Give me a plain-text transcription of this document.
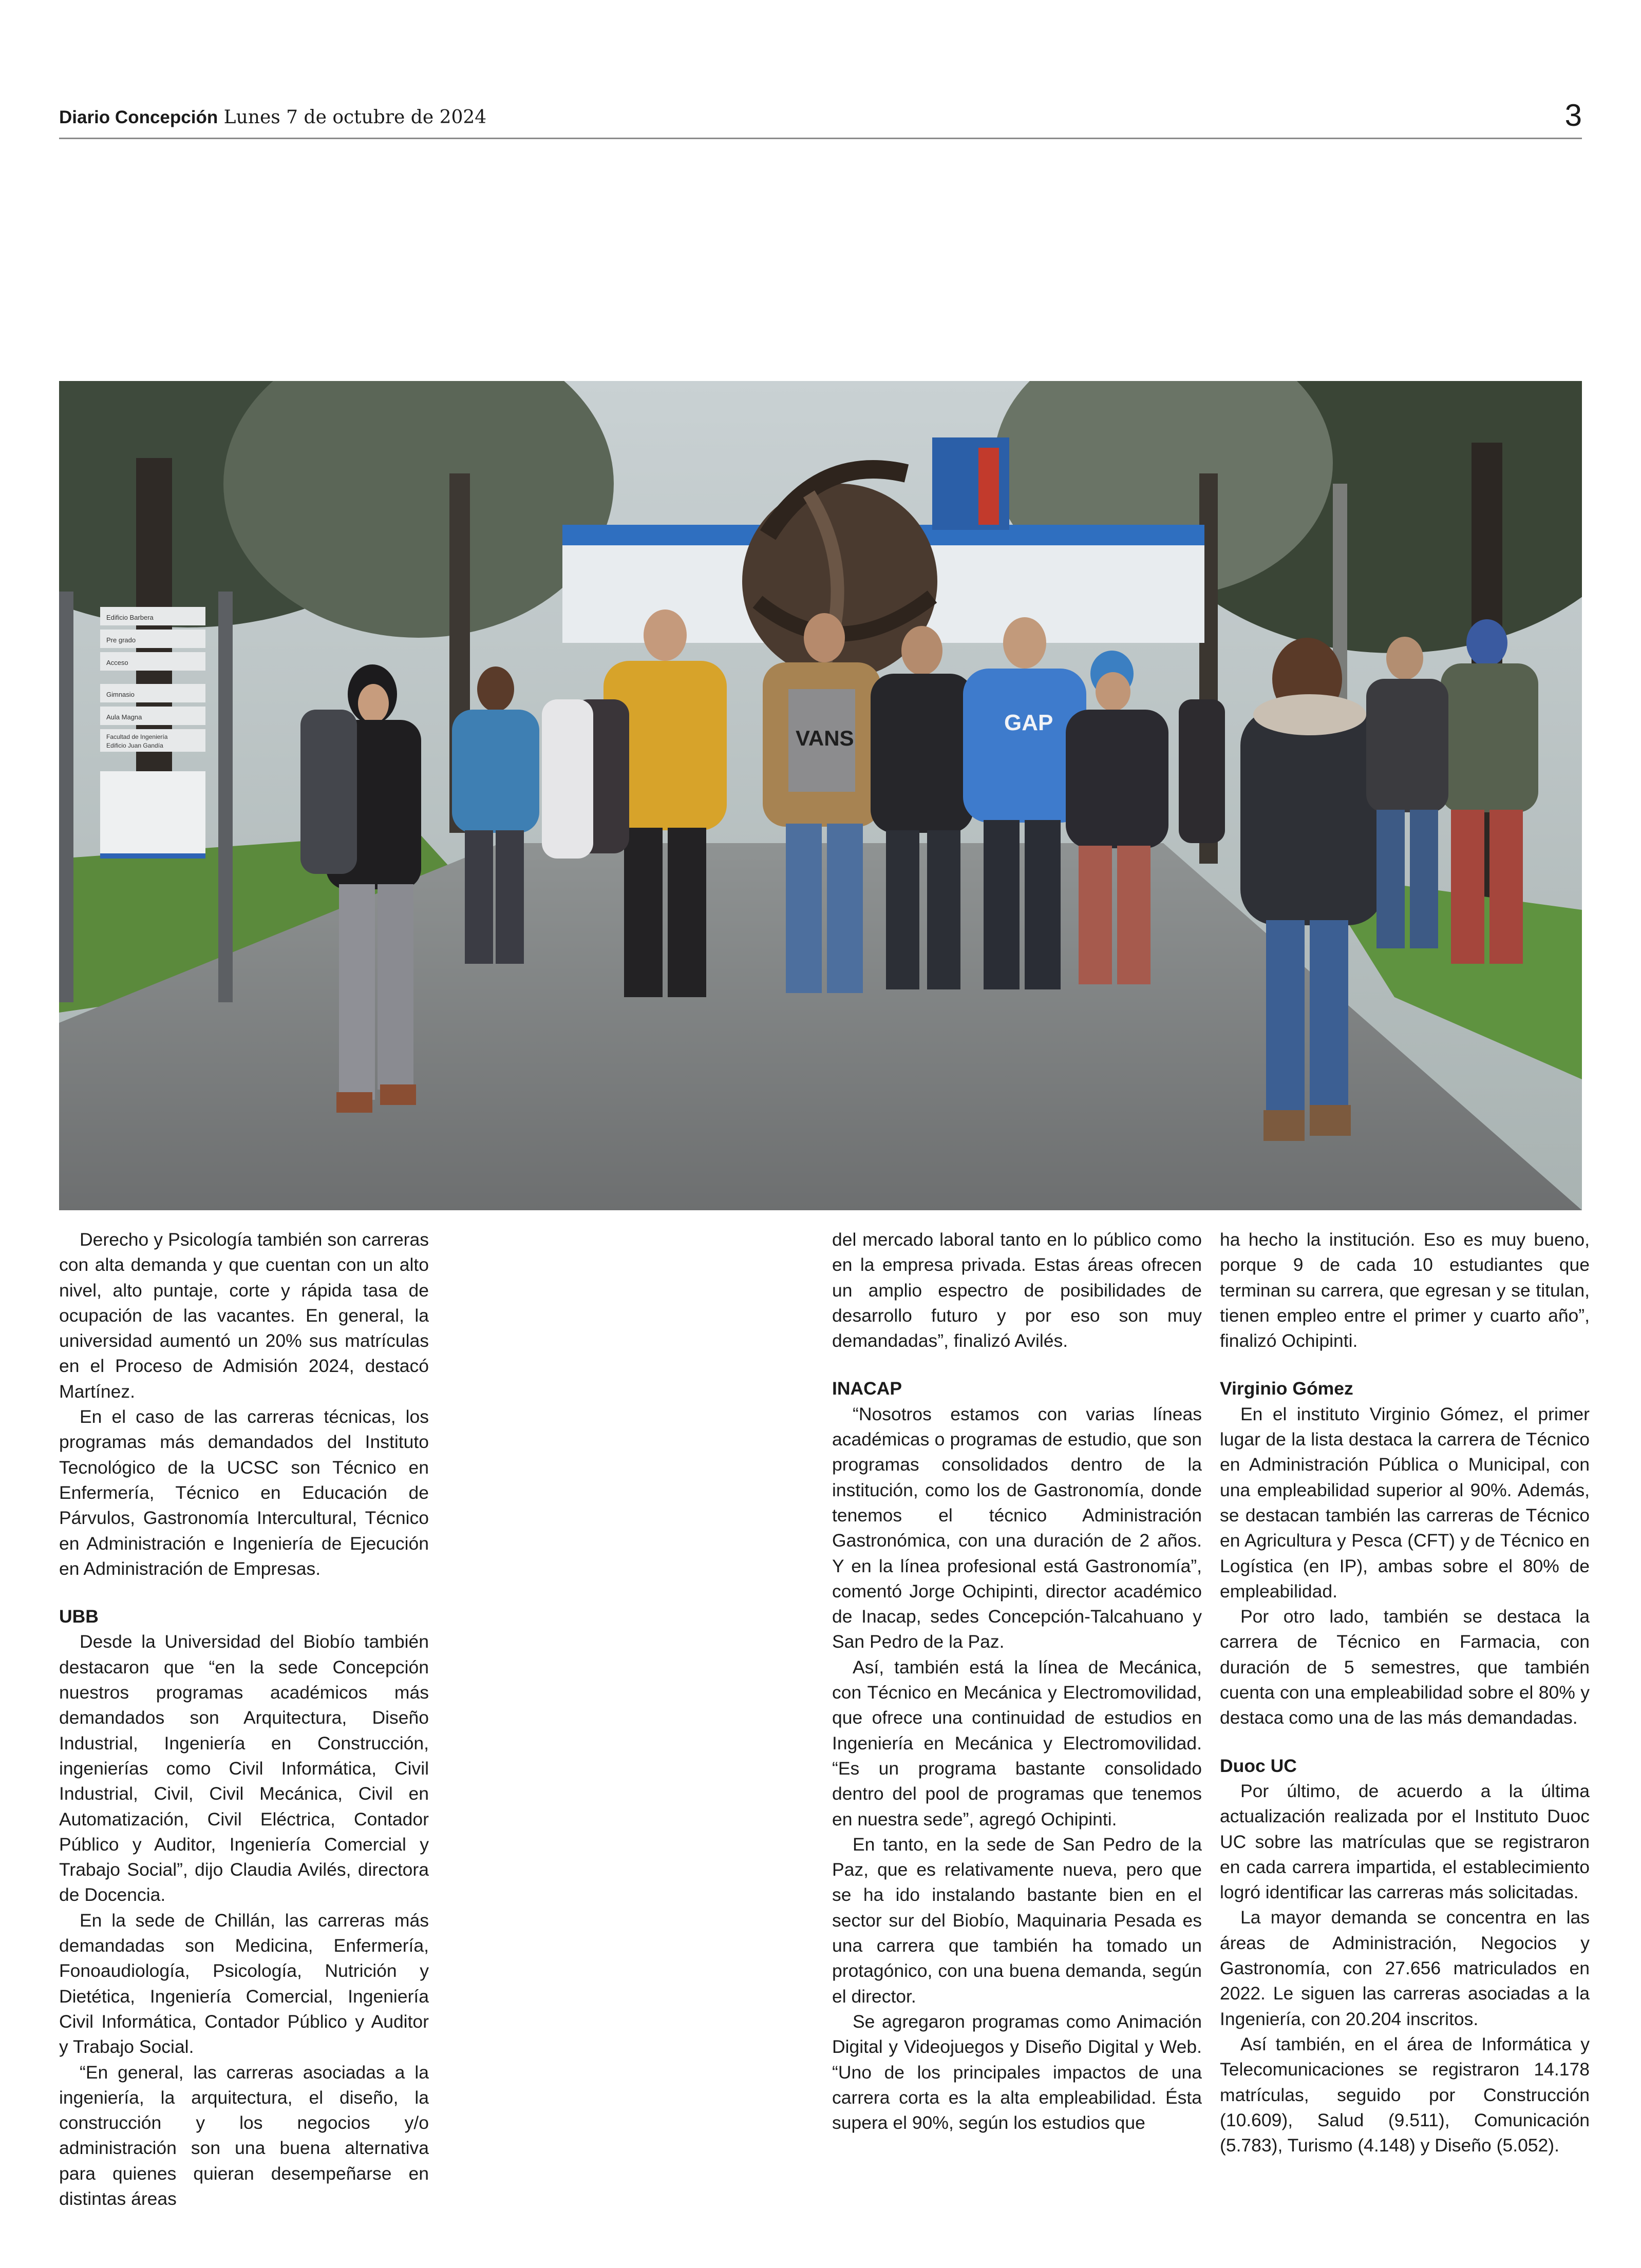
Diario Concepción Lunes 7 de octubre de 2024	3
Edificio Barbera
Pre grado
Acceso
Gimnasio
Aula Magna
Facultad de Ingeniería
Edificio Juan Gandía	VANS
GAP

Derecho y Psicología también son carreras con alta demanda y que cuentan con un alto nivel, alto puntaje, corte y rápida tasa de ocupación de las vacantes. En general, la universidad aumentó un 20% sus matrículas en el Proceso de Admisión 2024, destacó Martínez.

En el caso de las carreras técnicas, los programas más demandados del Instituto Tecnológico de la UCSC son Técnico en Enfermería, Técnico en Educación de Párvulos, Gastronomía Intercultural, Técnico en Administración e Ingeniería de Ejecución en Administración de Empresas.

UBB

Desde la Universidad del Biobío también destacaron que “en la sede Concepción nuestros programas académicos más demandados son Arquitectura, Diseño Industrial, Ingeniería en Construcción, ingenierías como Civil Informática, Civil Industrial, Civil, Civil Mecánica, Civil en Automatización, Civil Eléctrica, Contador Público y Auditor, Ingeniería Comercial y Trabajo Social”, dijo Claudia Avilés, directora de Docencia.

En la sede de Chillán, las carreras más demandadas son Medicina, Enfermería, Fonoaudiología, Psicología, Nutrición y Dietética, Ingeniería Comercial, Ingeniería Civil Informática, Contador Público y Auditor y Trabajo Social.

“En general, las carreras asociadas a la ingeniería, la arquitectura, el diseño, la construcción y los negocios y/o administración son una buena alternativa para quienes quieran desempeñarse en distintas áreas

del mercado laboral tanto en lo público como en la empresa privada. Estas áreas ofrecen un amplio espectro de posibilidades de desarrollo futuro y por eso son muy demandadas”, finalizó Avilés.

INACAP

“Nosotros estamos con varias líneas académicas o programas de estudio, que son programas consolidados dentro de la institución, como los de Gastronomía, donde tenemos el técnico Administración Gastronómica, con una duración de 2 años. Y en la línea profesional está Gastronomía”, comentó Jorge Ochipinti, director académico de Inacap, sedes Concepción-Talcahuano y San Pedro de la Paz.

Así, también está la línea de Mecánica, con Técnico en Mecánica y Electromovilidad, que ofrece una continuidad de estudios en Ingeniería en Mecánica y Electromovilidad. “Es un programa bastante consolidado dentro del pool de programas que tenemos en nuestra sede”, agregó Ochipinti.

En tanto, en la sede de San Pedro de la Paz, que es relativamente nueva, pero que se ha ido instalando bastante bien en el sector sur del Biobío, Maquinaria Pesada es una carrera que también ha tomado un protagónico, con una buena demanda, según el director.

Se agregaron programas como Animación Digital y Videojuegos y Diseño Digital y Web. “Uno de los principales impactos de una carrera corta es la alta empleabilidad. Ésta supera el 90%, según los estudios que

ha hecho la institución. Eso es muy bueno, porque 9 de cada 10 estudiantes que terminan su carrera, que egresan y se titulan, tienen empleo entre el primer y cuarto año”, finalizó Ochipinti.

Virginio Gómez

En el instituto Virginio Gómez, el primer lugar de la lista destaca la carrera de Técnico en Administración Pública o Municipal, con una empleabilidad superior al 90%. Además, se destacan también las carreras de Técnico en Agricultura y Pesca (CFT) y de Técnico en Logística (en IP), ambas sobre el 80% de empleabilidad.

Por otro lado, también se destaca la carrera de Técnico en Farmacia, con duración de 5 semestres, que también cuenta con una empleabilidad sobre el 80% y destaca como una de las más demandadas.

Duoc UC

Por último, de acuerdo a la última actualización realizada por el Instituto Duoc UC sobre las matrículas que se registraron en cada carrera impartida, el establecimiento logró identificar las carreras más solicitadas.

La mayor demanda se concentra en las áreas de Administración, Negocios y Gastronomía, con 27.656 matriculados en 2022. Le siguen las carreras asociadas a la Ingeniería, con 20.204 inscritos.

Así también, en el área de Informática y Telecomunicaciones se registraron 14.178 matrículas, seguido por Construcción (10.609), Salud (9.511), Comunicación (5.783), Turismo (4.148) y Diseño (5.052).
